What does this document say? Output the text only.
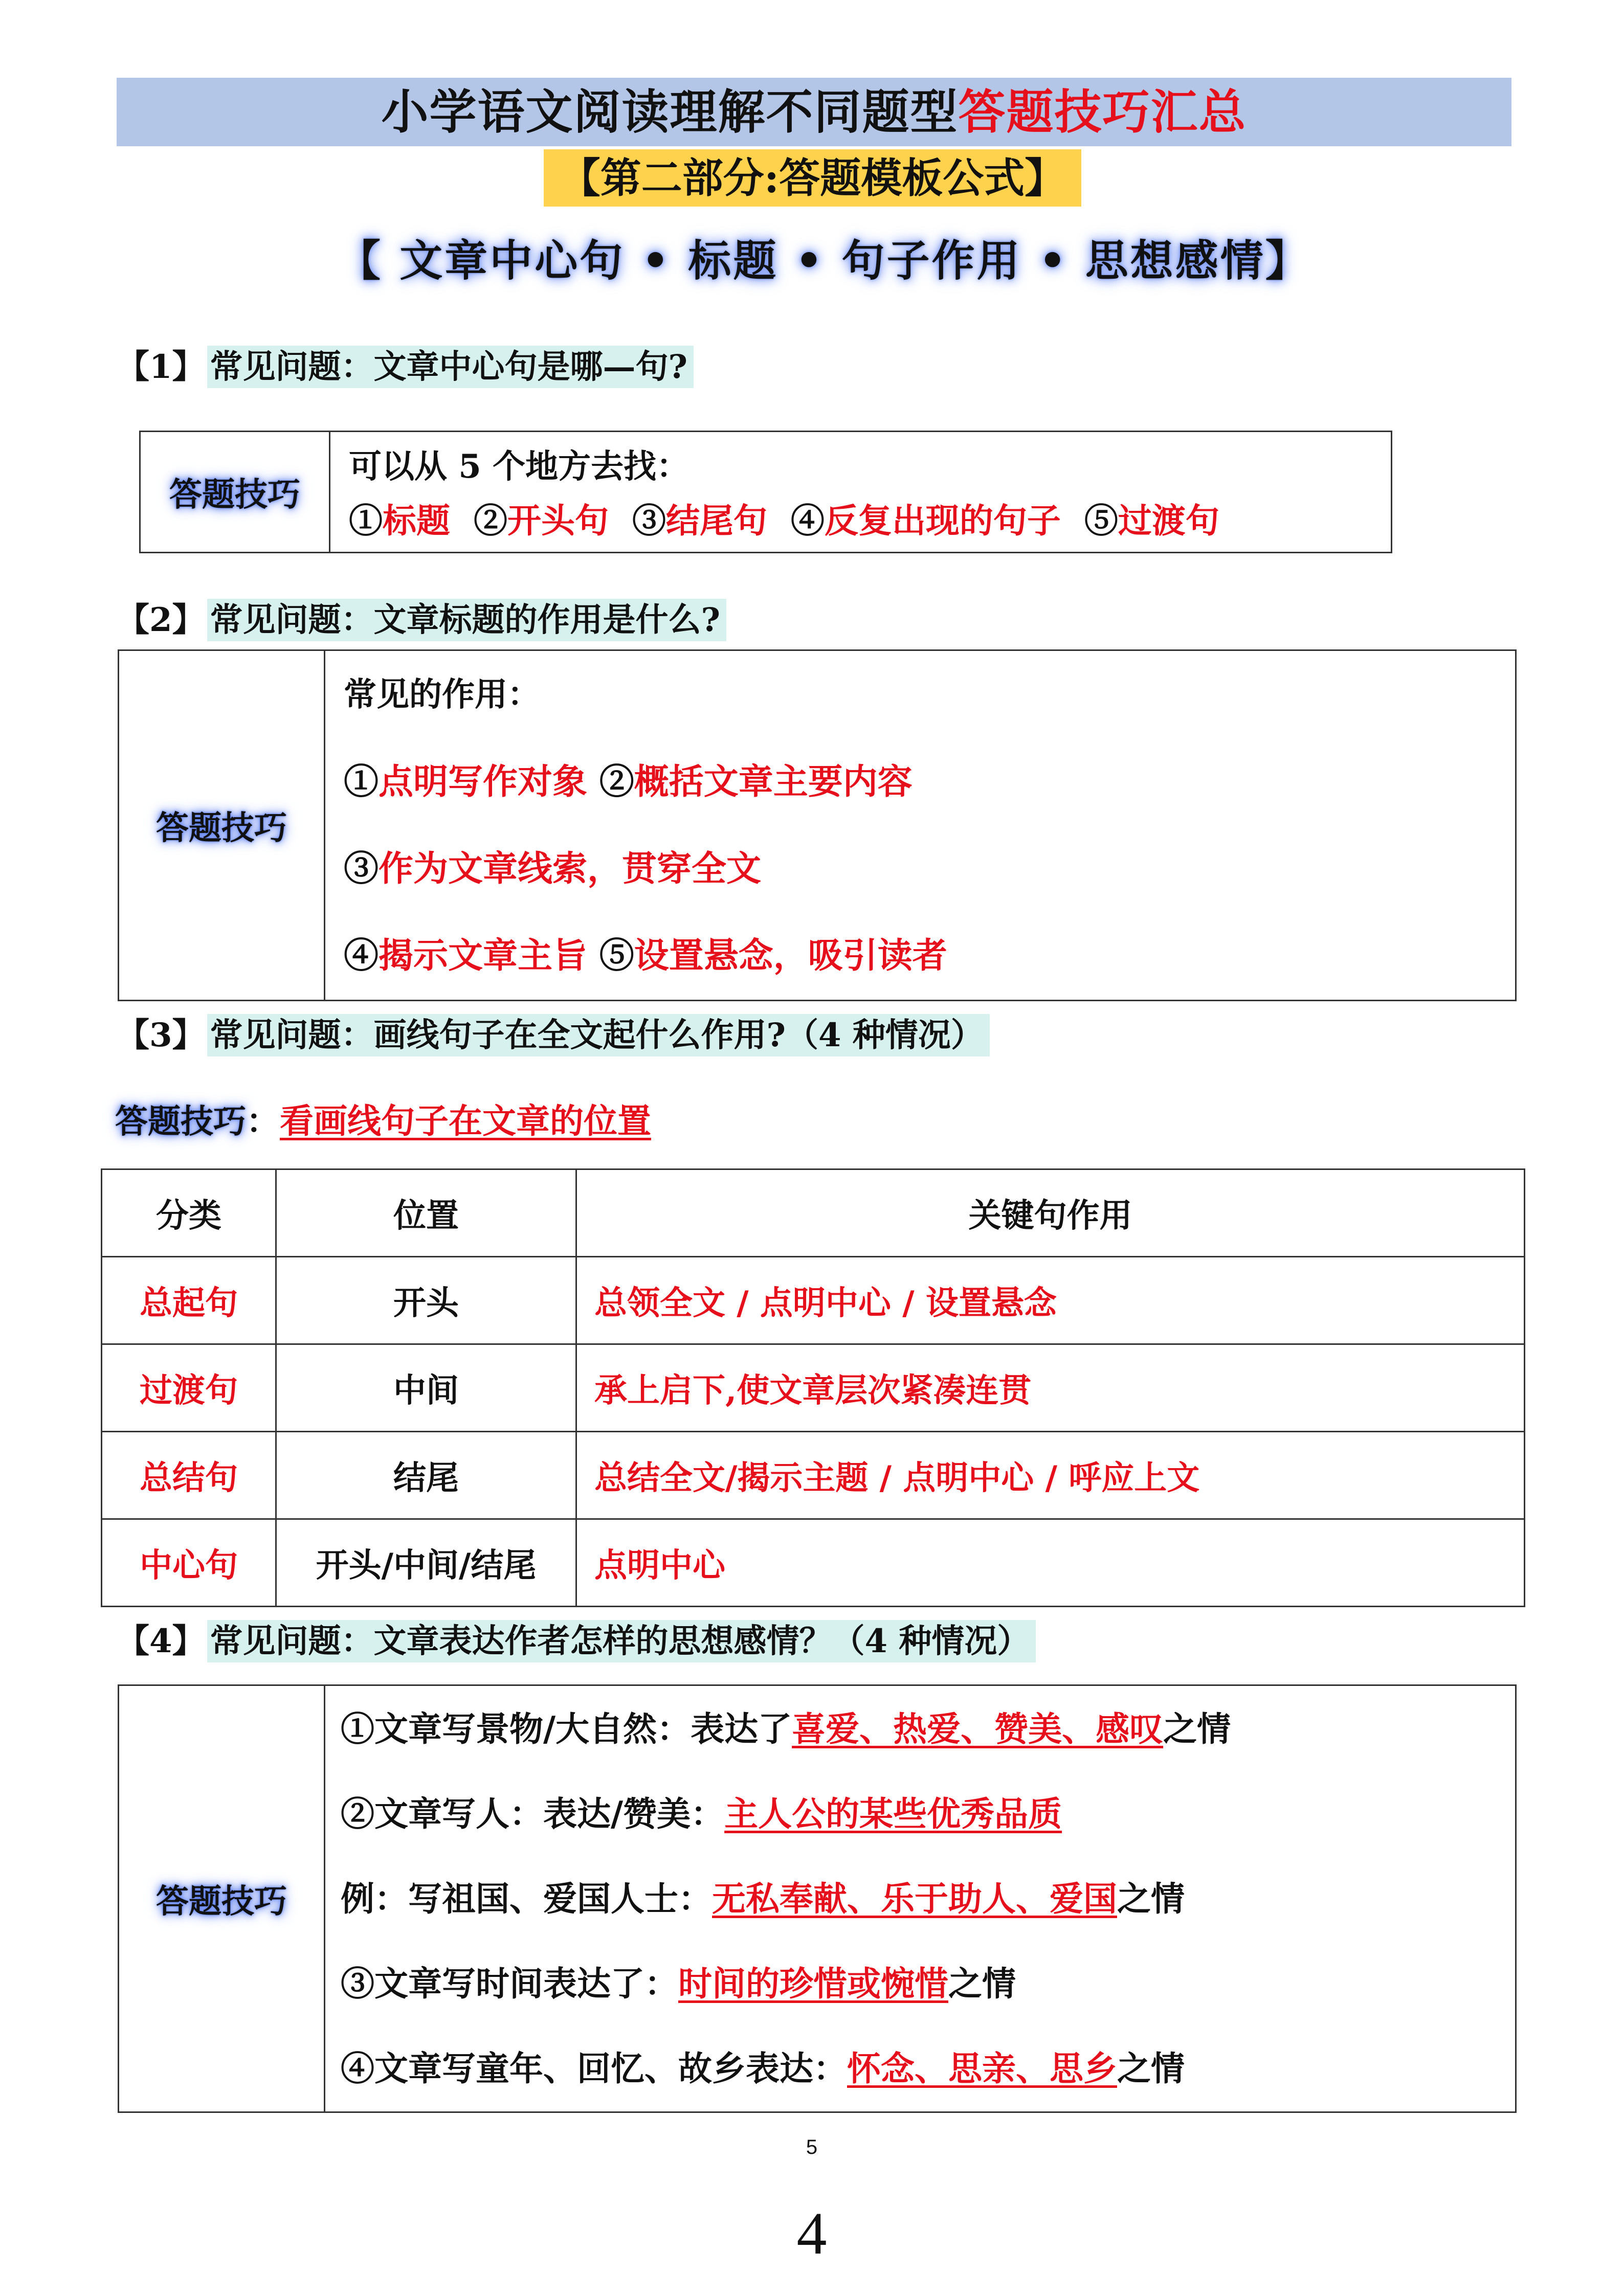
小学语文阅读理解不同题型答题技巧汇总
【第二部分:答题模板公式】
【 文章中心句 • 标题 • 句子作用 • 思想感情】
【1】 常见问题：文章中心句是哪—句?
答题技巧

可以从 5 个地方去找：
①标题 ②开头句 ③结尾句 ④反复出现的句子 ⑤过渡句
【2】 常见问题：文章标题的作用是什么?
答题技巧

常见的作用：
①点明写作对象 ②概括文章主要内容
③作为文章线索，贯穿全文
④揭示文章主旨 ⑤设置悬念，吸引读者
【3】 常见问题：画线句子在全文起什么作用?（4 种情况）
答题技巧：看画线句子在文章的位置
分类	位置	关键句作用
总起句	开头	总领全文 / 点明中心 / 设置悬念
过渡句	中间	承上启下,使文章层次紧凑连贯
总结句	结尾	总结全文/揭示主题 / 点明中心 / 呼应上文
中心句	开头/中间/结尾	点明中心
【4】 常见问题：文章表达作者怎样的思想感情？（4 种情况）
答题技巧

①文章写景物/大自然：表达了喜爱、热爱、赞美、感叹之情
②文章写人：表达/赞美：主人公的某些优秀品质
例：写祖国、爱国人士：无私奉献、乐于助人、爱国之情
③文章写时间表达了：时间的珍惜或惋惜之情
④文章写童年、回忆、故乡表达：怀念、思亲、思乡之情
5
4
